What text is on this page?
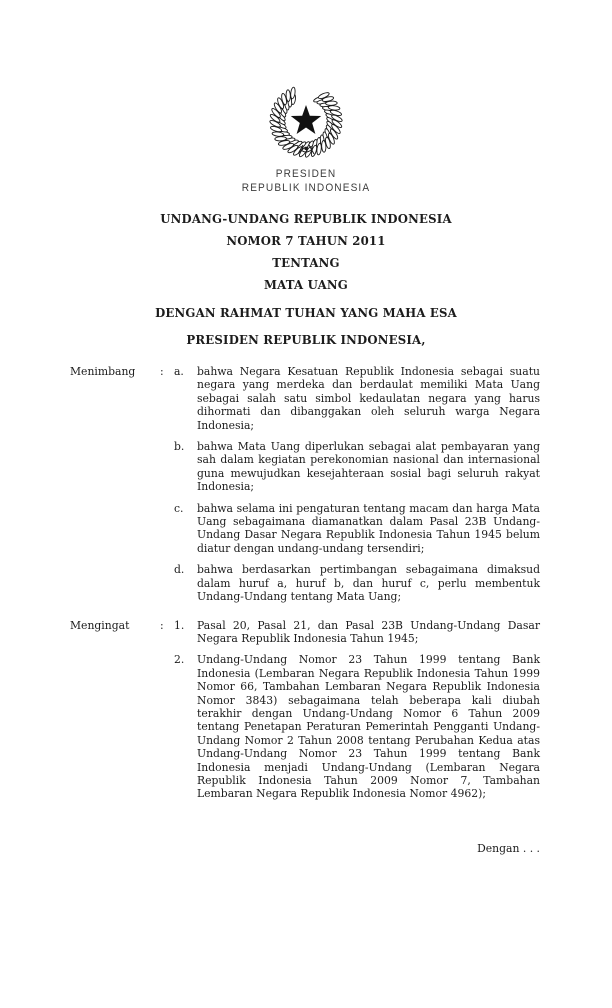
PRESIDEN
REPUBLIK INDONESIA
UNDANG-UNDANG REPUBLIK INDONESIA
NOMOR 7 TAHUN 2011
TENTANG
MATA UANG
DENGAN RAHMAT TUHAN YANG MAHA ESA
PRESIDEN REPUBLIK INDONESIA,
Menimbang	: a.	bahwa Negara Kesatuan Republik Indonesia sebagai suatu negara yang merdeka dan berdaulat memiliki Mata Uang sebagai salah satu simbol kedaulatan negara yang harus dihormati dan dibanggakan oleh seluruh warga Negara Indonesia;
b.	bahwa Mata Uang diperlukan sebagai alat pembayaran yang sah dalam kegiatan perekonomian nasional dan internasional guna mewujudkan kesejahteraan sosial bagi seluruh rakyat Indonesia;
c.	bahwa selama ini pengaturan tentang macam dan harga Mata Uang sebagaimana diamanatkan dalam Pasal 23B Undang-Undang Dasar Negara Republik Indonesia Tahun 1945 belum diatur dengan undang-undang tersendiri;
d.	bahwa berdasarkan pertimbangan sebagaimana dimaksud dalam huruf a, huruf b, dan huruf c, perlu membentuk Undang-Undang tentang Mata Uang;
Mengingat	: 1.	Pasal 20, Pasal 21, dan Pasal 23B Undang-Undang Dasar Negara Republik Indonesia Tahun 1945;
2.	Undang-Undang Nomor 23 Tahun 1999 tentang Bank Indonesia (Lembaran Negara Republik Indonesia Tahun 1999 Nomor 66, Tambahan Lembaran Negara Republik Indonesia Nomor 3843) sebagaimana telah beberapa kali diubah terakhir dengan Undang-Undang Nomor 6 Tahun 2009 tentang Penetapan Peraturan Pemerintah Pengganti Undang-Undang Nomor 2 Tahun 2008 tentang Perubahan Kedua atas Undang-Undang Nomor 23 Tahun 1999 tentang Bank Indonesia menjadi Undang-Undang (Lembaran Negara Republik Indonesia Tahun 2009 Nomor 7, Tambahan Lembaran Negara Republik Indonesia Nomor 4962);
Dengan . . .
